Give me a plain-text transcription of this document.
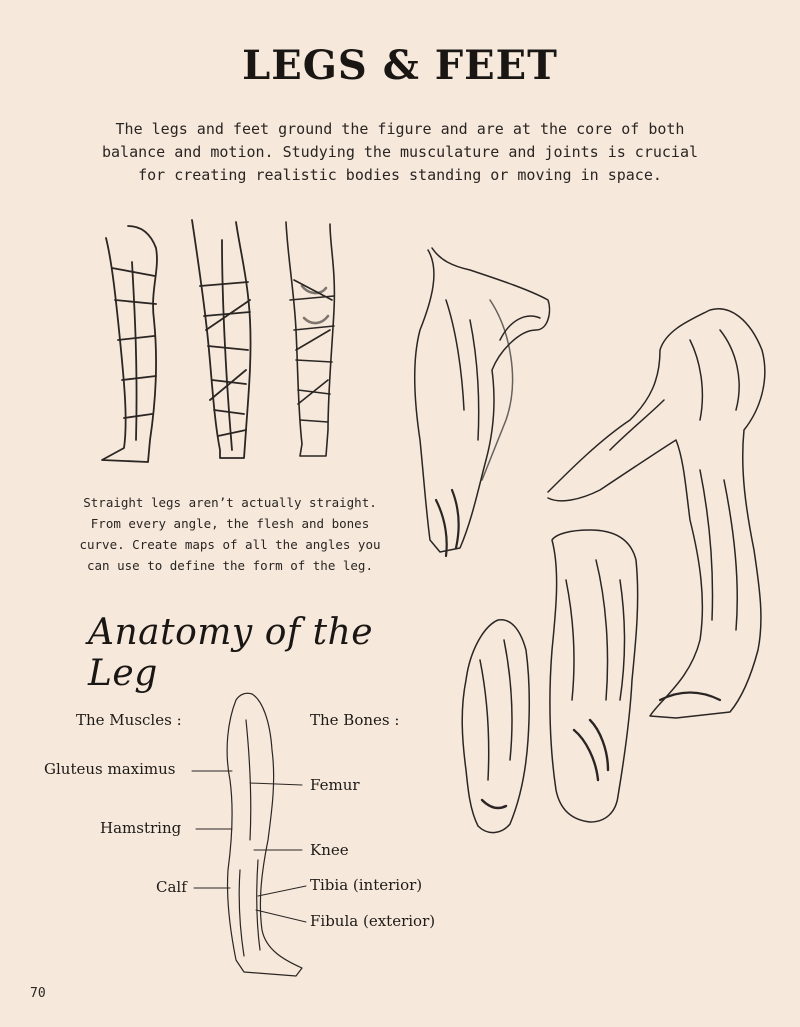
LEGS & FEET
The legs and feet ground the figure and are at the core of both balance and motion. Studying the musculature and joints is crucial for creating realistic bodies standing or moving in space.
Straight legs aren’t actually straight. From every angle, the flesh and bones curve. Create maps of all the angles you can use to define the form of the leg.
Anatomy of the Leg
The Muscles :	The Bones :
Gluteus maximus
Hamstring
Calf
Femur
Knee
Tibia (interior)
Fibula (exterior)
70
